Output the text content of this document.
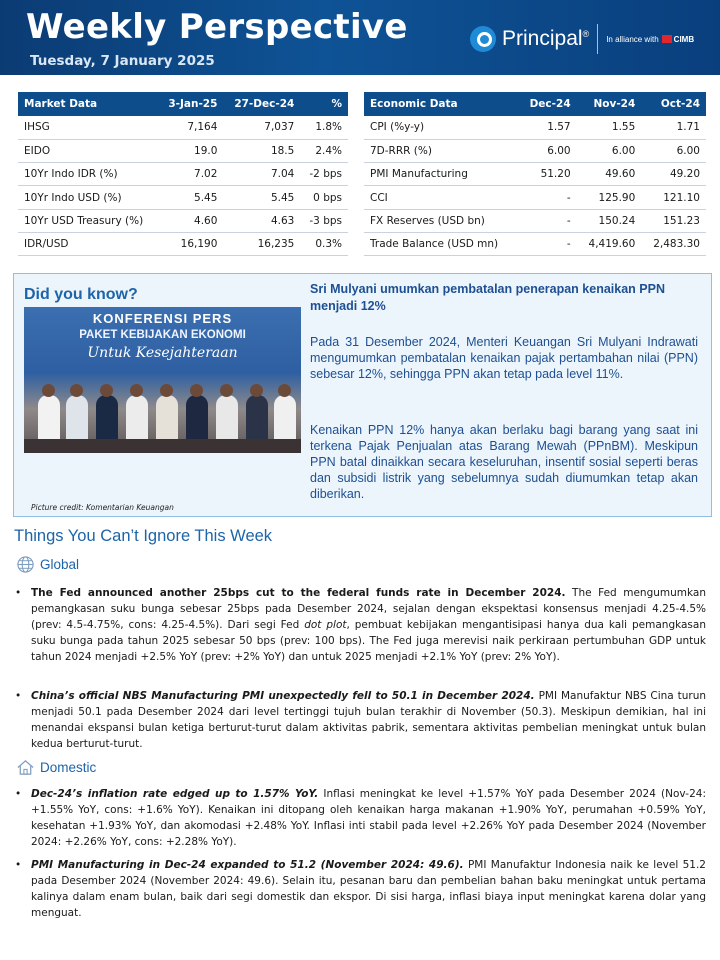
Weekly Perspective
Tuesday, 7 January 2025
Principal ® In alliance with CIMB
Market Data	3-Jan-25	27-Dec-24	%
IHSG	7,164	7,037	1.8%
EIDO	19.0	18.5	2.4%
10Yr Indo IDR (%)	7.02	7.04	-2 bps
10Yr Indo USD (%)	5.45	5.45	0 bps
10Yr USD Treasury (%)	4.60	4.63	-3 bps
IDR/USD	16,190	16,235	0.3%
Economic Data	Dec-24	Nov-24	Oct-24
CPI (%y-y)	1.57	1.55	1.71
7D-RRR (%)	6.00	6.00	6.00
PMI Manufacturing	51.20	49.60	49.20
CCI	-	125.90	121.10
FX Reserves (USD bn)	-	150.24	151.23
Trade Balance (USD mn)	-	4,419.60	2,483.30
Did you know?
KONFERENSI PERS
PAKET KEBIJAKAN EKONOMI
Untuk Kesejahteraan
Picture credit: Komentarian Keuangan
Sri Mulyani umumkan pembatalan penerapan kenaikan PPN menjadi 12%
Pada 31 Desember 2024, Menteri Keuangan Sri Mulyani Indrawati mengumumkan pembatalan kenaikan pajak pertambahan nilai (PPN) sebesar 12%, sehingga PPN akan tetap pada level 11%.
Kenaikan PPN 12% hanya akan berlaku bagi barang yang saat ini terkena Pajak Penjualan atas Barang Mewah (PPnBM). Meskipun PPN batal dinaikkan secara keseluruhan, insentif sosial seperti beras dan subsidi listrik yang sebelumnya sudah diumumkan tetap akan diberikan.
Things You Can’t Ignore This Week
Global
• The Fed announced another 25bps cut to the federal funds rate in December 2024. The Fed mengumumkan pemangkasan suku bunga sebesar 25bps pada Desember 2024, sejalan dengan ekspektasi konsensus menjadi 4.25-4.5% (prev: 4.5-4.75%, cons: 4.25-4.5%). Dari segi Fed dot plot, pembuat kebijakan mengantisipasi hanya dua kali pemangkasan suku bunga pada tahun 2025 sebesar 50 bps (prev: 100 bps). The Fed juga merevisi naik perkiraan pertumbuhan GDP untuk tahun 2024 menjadi +2.5% YoY (prev: +2% YoY) dan untuk 2025 menjadi +2.1% YoY (prev: 2% YoY).
• China’s official NBS Manufacturing PMI unexpectedly fell to 50.1 in December 2024. PMI Manufaktur NBS Cina turun menjadi 50.1 pada Desember 2024 dari level tertinggi tujuh bulan terakhir di November (50.3). Meskipun demikian, hal ini menandai ekspansi bulan ketiga berturut-turut dalam aktivitas pabrik, sementara aktivitas pembelian meningkat untuk bulan kedua berturut-turut.
Domestic
• Dec-24’s inflation rate edged up to 1.57% YoY. Inflasi meningkat ke level +1.57% YoY pada Desember 2024 (Nov-24: +1.55% YoY, cons: +1.6% YoY). Kenaikan ini ditopang oleh kenaikan harga makanan +1.90% YoY, perumahan +0.59% YoY, kesehatan +1.93% YoY, dan akomodasi +2.48% YoY. Inflasi inti stabil pada level +2.26% YoY pada Desember 2024 (November 2024: +2.26% YoY, cons: +2.28% YoY).
• PMI Manufacturing in Dec-24 expanded to 51.2 (November 2024: 49.6). PMI Manufaktur Indonesia naik ke level 51.2 pada Desember 2024 (November 2024: 49.6). Selain itu, pesanan baru dan pembelian bahan baku meningkat untuk pertama kalinya dalam enam bulan, baik dari segi domestik dan ekspor. Di sisi harga, inflasi biaya input meningkat karena dolar yang menguat.
